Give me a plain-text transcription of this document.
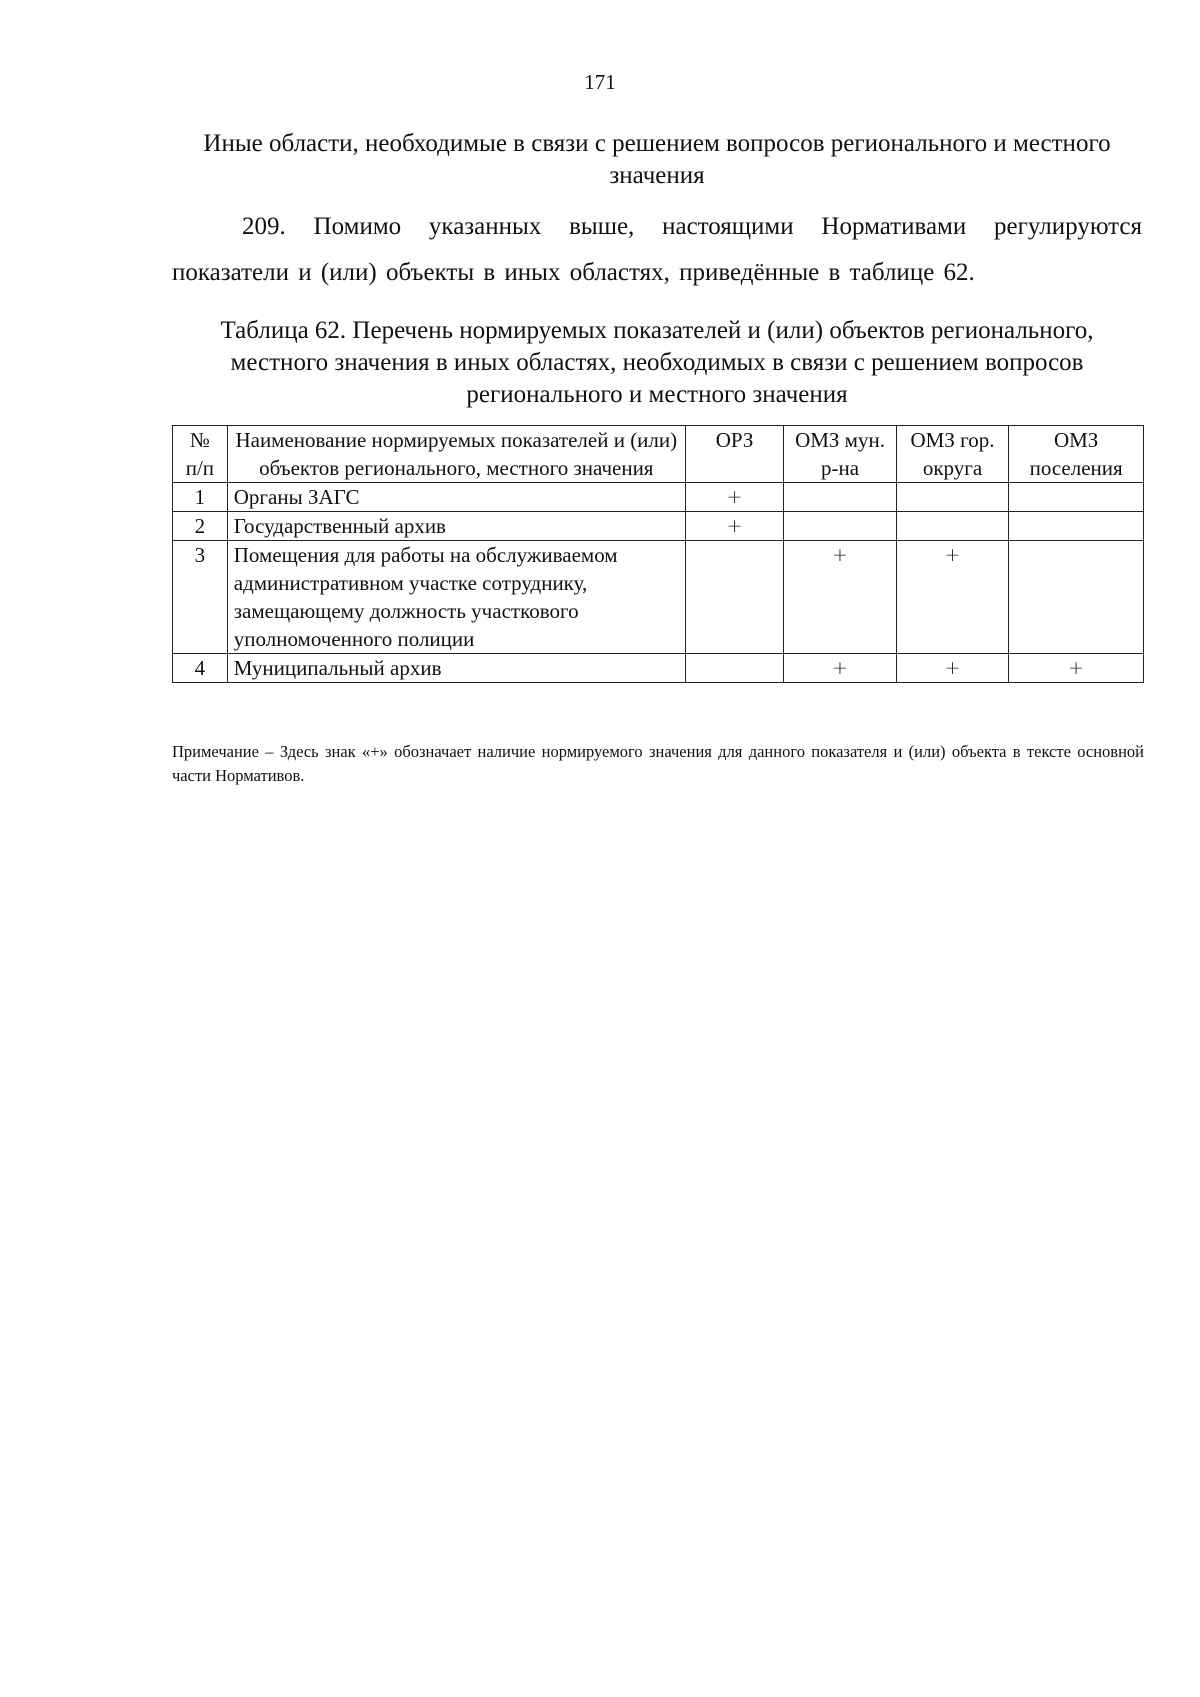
171
Иные области, необходимые в связи с решением вопросов регионального и местного значения
209. Помимо указанных выше, настоящими Нормативами регулируются показатели и (или) объекты в иных областях, приведённые в таблице 62.
Таблица 62. Перечень нормируемых показателей и (или) объектов регионального, местного значения в иных областях, необходимых в связи с решением вопросов регионального и местного значения
№ п/п	Наименование нормируемых показателей и (или) объектов регионального, местного значения	ОРЗ	ОМЗ мун. р-на	ОМЗ гор. округа	ОМЗ поселения
1	Органы ЗАГС	+			
2	Государственный архив	+			
3	Помещения для работы на обслуживаемом административном участке сотруднику, замещающему должность участкового уполномоченного полиции		+	+	
4	Муниципальный архив		+	+	+
Примечание – Здесь знак «+» обозначает наличие нормируемого значения для данного показателя и (или) объекта в тексте основной части Нормативов.
